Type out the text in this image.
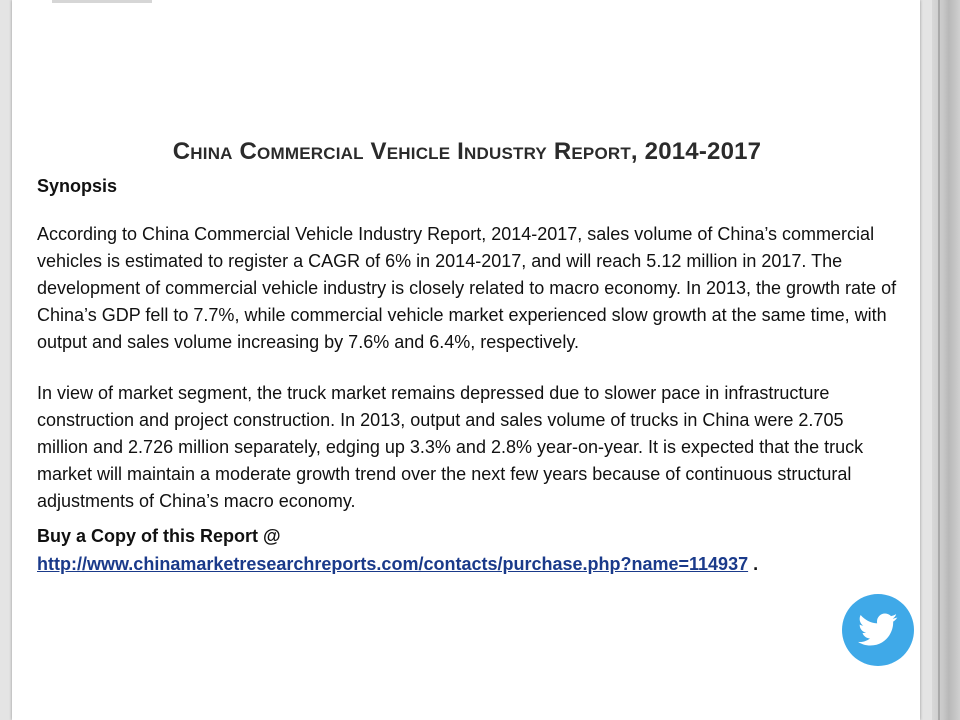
China Commercial Vehicle Industry Report, 2014-2017
Synopsis

According to China Commercial Vehicle Industry Report, 2014-2017, sales volume of China’s commercial vehicles is estimated to register a CAGR of 6% in 2014-2017, and will reach 5.12 million in 2017. The development of commercial vehicle industry is closely related to macro economy. In 2013, the growth rate of China’s GDP fell to 7.7%, while commercial vehicle market experienced slow growth at the same time, with output and sales volume increasing by 7.6% and 6.4%, respectively.

In view of market segment, the truck market remains depressed due to slower pace in infrastructure construction and project construction. In 2013, output and sales volume of trucks in China were 2.705 million and 2.726 million separately, edging up 3.3% and 2.8% year-on-year. It is expected that the truck market will maintain a moderate growth trend over the next few years because of continuous structural adjustments of China’s macro economy.

Buy a Copy of this Report @

http://www.chinamarketresearchreports.com/contacts/purchase.php?name=114937 .
